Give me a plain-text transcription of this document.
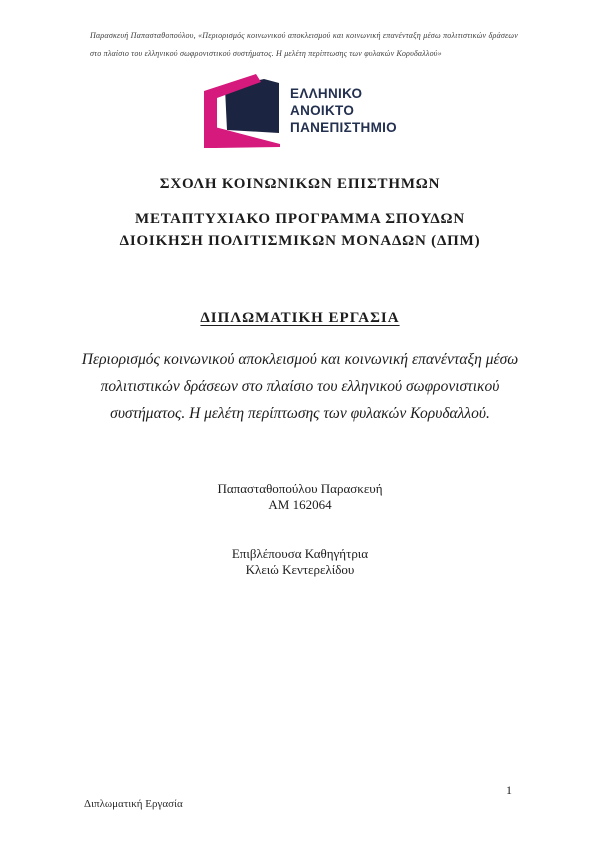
Παρασκευή Παπασταθοπούλου, «Περιορισμός κοινωνικού αποκλεισμού και κοινωνική επανένταξη μέσω πολιτιστικών δράσεων
στο πλαίσιο του ελληνικού σωφρονιστικού συστήματος. Η μελέτη περίπτωσης των φυλακών Κορυδαλλού»
ΕΛΛΗΝΙΚΟ
ΑΝΟΙΚΤΟ
ΠΑΝΕΠΙΣΤΗΜΙΟ
ΣΧΟΛΗ ΚΟΙΝΩΝΙΚΩΝ ΕΠΙΣΤΗΜΩΝ
ΜΕΤΑΠΤΥΧΙΑΚΟ ΠΡΟΓΡΑΜΜΑ ΣΠΟΥΔΩΝ
ΔΙΟΙΚΗΣΗ ΠΟΛΙΤΙΣΜΙΚΩΝ ΜΟΝΑΔΩΝ (ΔΠΜ)
ΔΙΠΛΩΜΑΤΙΚΗ ΕΡΓΑΣΙΑ
Περιορισμός κοινωνικού αποκλεισμού και κοινωνική επανένταξη μέσω
πολιτιστικών δράσεων στο πλαίσιο του ελληνικού σωφρονιστικού
συστήματος. Η μελέτη περίπτωσης των φυλακών Κορυδαλλού.
Παπασταθοπούλου Παρασκευή
ΑΜ 162064
Επιβλέπουσα Καθηγήτρια
Κλειώ Κεντερελίδου
1
Διπλωματική Εργασία
